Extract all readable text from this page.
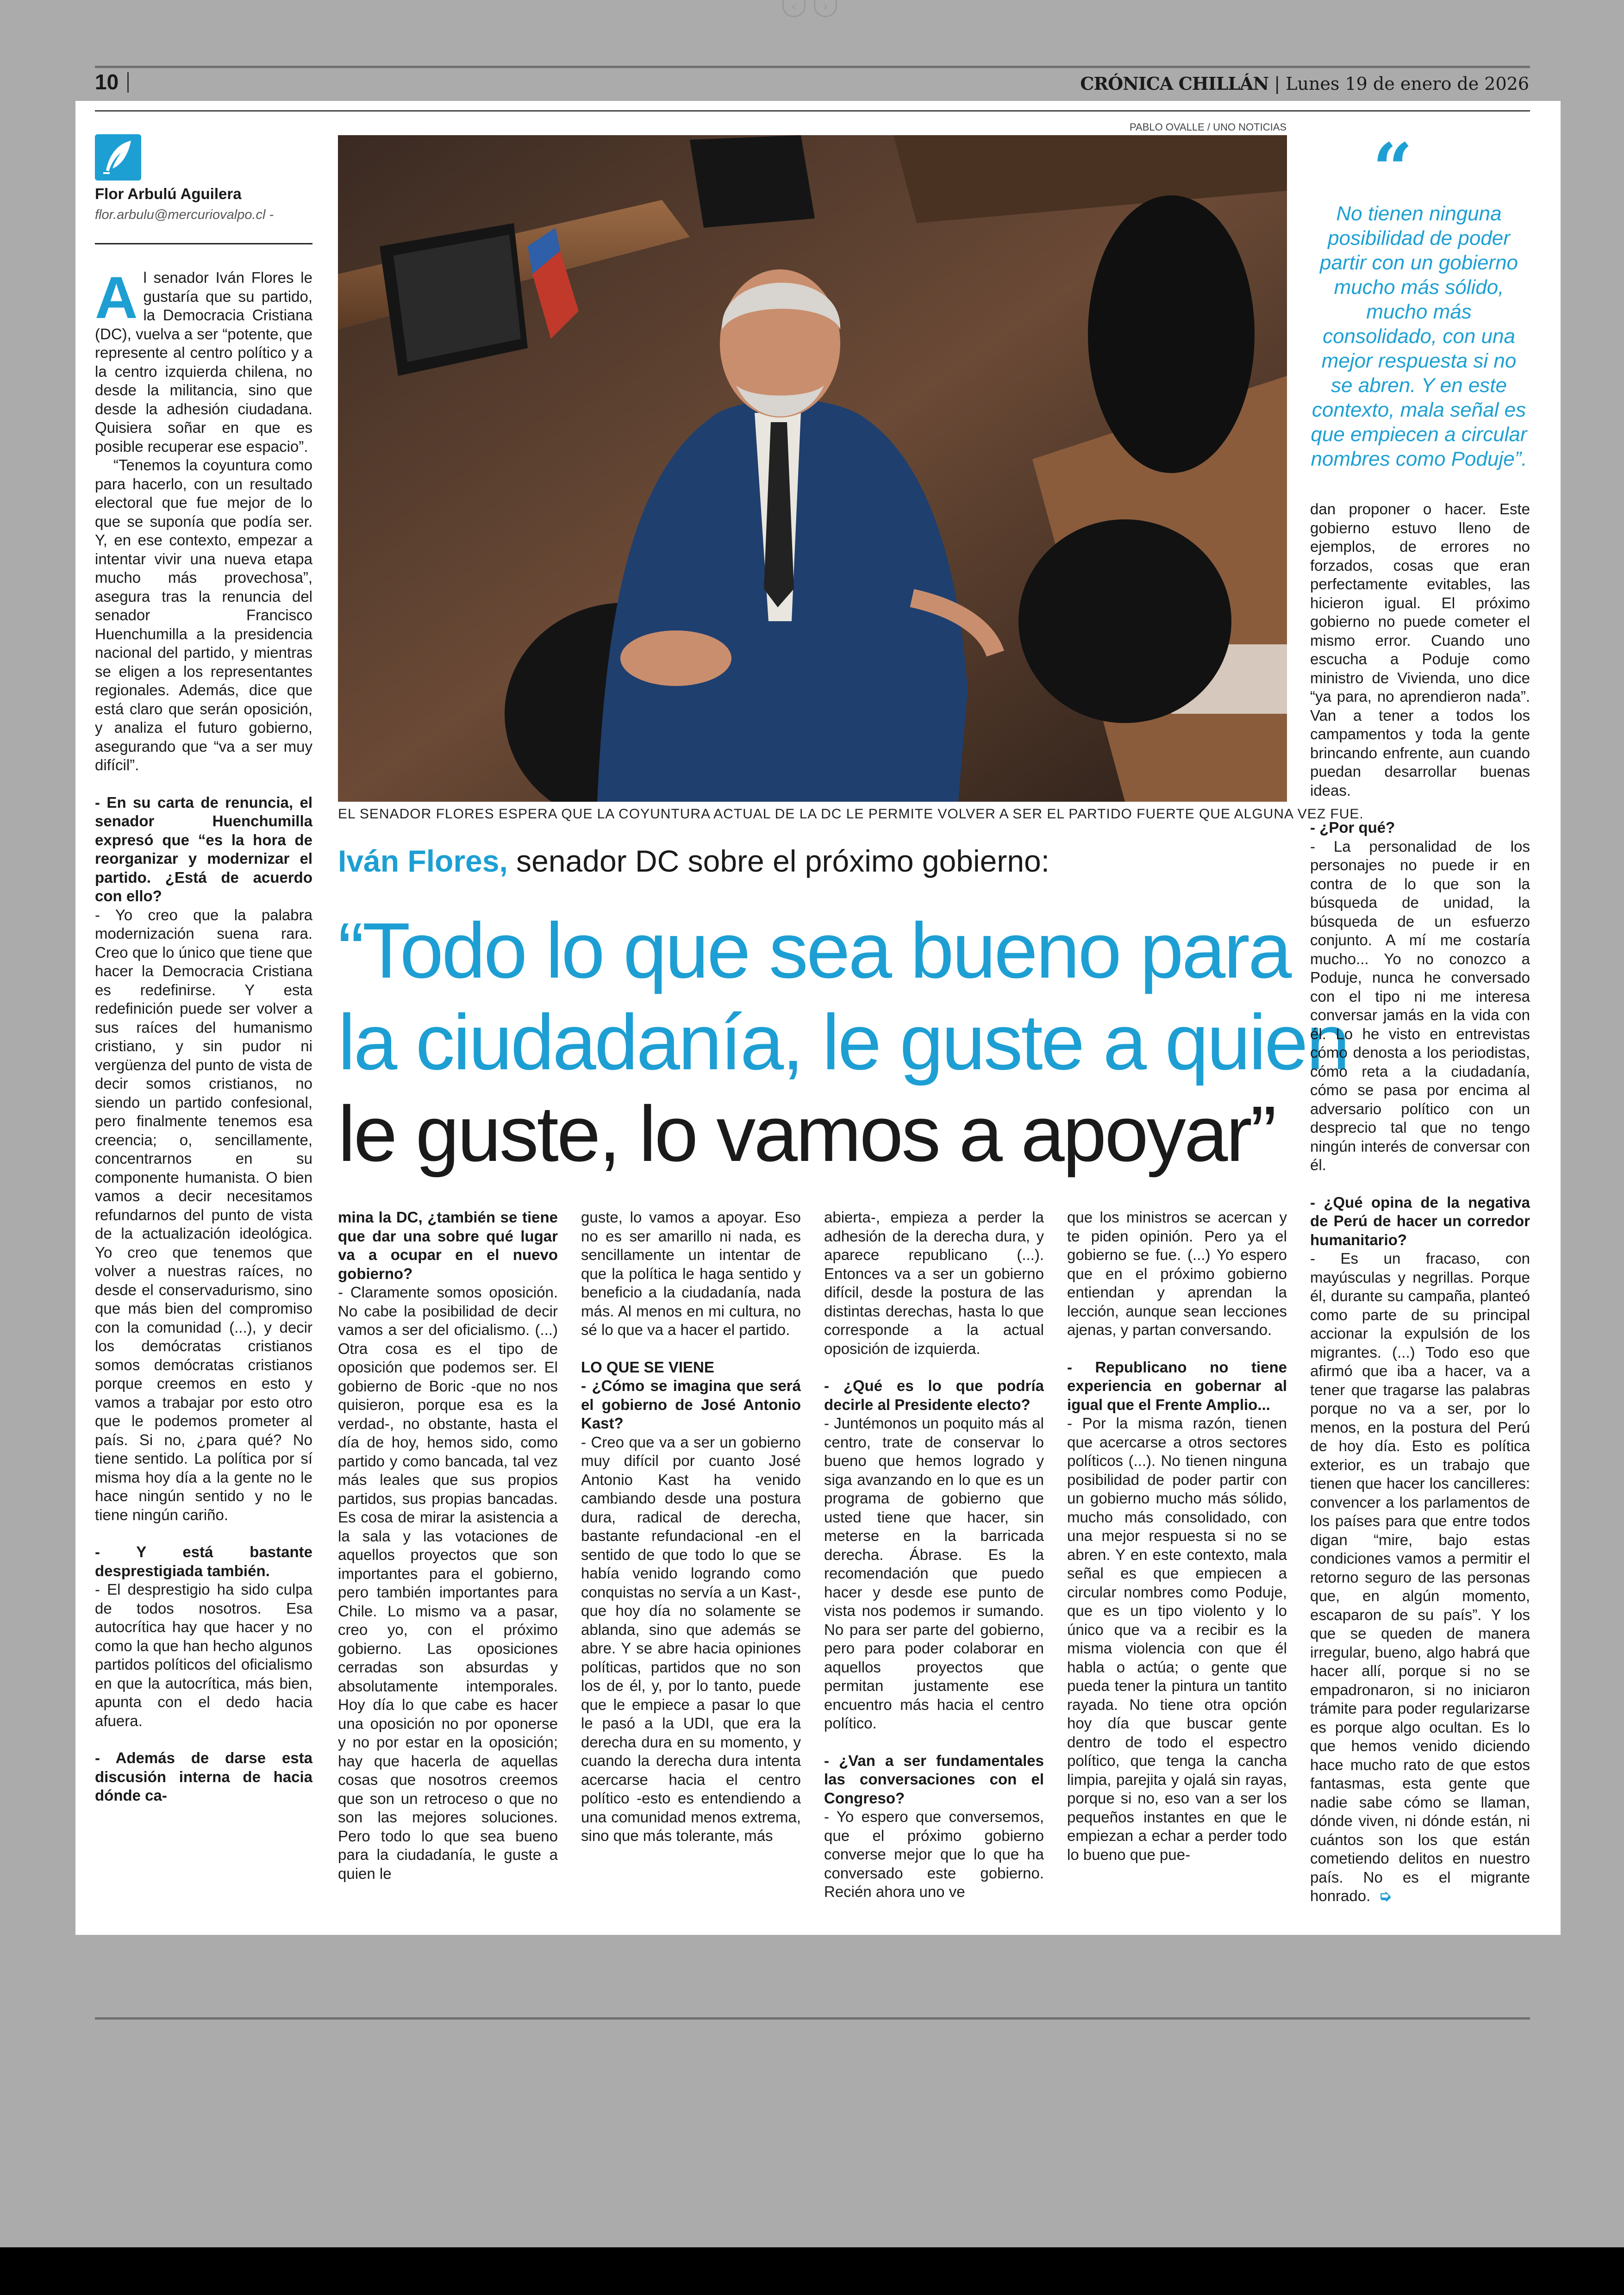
‹	›
10	CRÓNICA CHILLÁN | Lunes 19 de enero de 2026
Flor Arbulú Aguilera
flor.arbulu@mercuriovalpo.cl -

Al senador Iván Flores le gustaría que su partido, la Democracia Cristiana (DC), vuelva a ser “potente, que represente al centro político y a la centro izquierda chilena, no desde la militancia, sino que desde la adhesión ciudadana. Quisiera soñar en que es posible recuperar ese espacio”.

“Tenemos la coyuntura como para hacerlo, con un resultado electoral que fue mejor de lo que se suponía que podía ser. Y, en ese contexto, empezar a intentar vivir una nueva etapa mucho más provechosa”, asegura tras la renuncia del senador Francisco Huenchumilla a la presidencia nacional del partido, y mientras se eligen a los representantes regionales. Además, dice que está claro que serán oposición, y analiza el futuro gobierno, asegurando que “va a ser muy difícil”.

- En su carta de renuncia, el senador Huenchumilla expresó que “es la hora de reorganizar y modernizar el partido. ¿Está de acuerdo con ello?

- Yo creo que la palabra modernización suena rara. Creo que lo único que tiene que hacer la Democracia Cristiana es redefinirse. Y esta redefinición puede ser volver a sus raíces del humanismo cristiano, y sin pudor ni vergüenza del punto de vista de decir somos cristianos, no siendo un partido confesional, pero finalmente tenemos esa creencia; o, sencillamente, concentrarnos en su componente humanista. O bien vamos a decir necesitamos refundarnos del punto de vista de la actualización ideológica. Yo creo que tenemos que volver a nuestras raíces, no desde el conservadurismo, sino que más bien del compromiso con la comunidad (...), y decir los demócratas cristianos somos demócratas cristianos porque creemos en esto y vamos a trabajar por esto otro que le podemos prometer al país. Si no, ¿para qué? No tiene sentido. La política por sí misma hoy día a la gente no le hace ningún sentido y no le tiene ningún cariño.

- Y está bastante desprestigiada también.

- El desprestigio ha sido culpa de todos nosotros. Esa autocrítica hay que hacer y no como la que han hecho algunos partidos políticos del oficialismo en que la autocrítica, más bien, apunta con el dedo hacia afuera.

- Además de darse esta discusión interna de hacia dónde ca-

PABLO OVALLE / UNO NOTICIAS
EL SENADOR FLORES ESPERA QUE LA COYUNTURA ACTUAL DE LA DC LE PERMITE VOLVER A SER EL PARTIDO FUERTE QUE ALGUNA VEZ FUE.
Iván Flores, senador DC sobre el próximo gobierno:
“Todo lo que sea bueno para
la ciudadanía, le guste a quien
le guste, lo vamos a apoyar”

mina la DC, ¿también se tiene que dar una sobre qué lugar va a ocupar en el nuevo gobierno?

- Claramente somos oposición. No cabe la posibilidad de decir vamos a ser del oficialismo. (...) Otra cosa es el tipo de oposición que podemos ser. El gobierno de Boric -que no nos quisieron, porque esa es la verdad-, no obstante, hasta el día de hoy, hemos sido, como partido y como bancada, tal vez más leales que sus propios partidos, sus propias bancadas. Es cosa de mirar la asistencia a la sala y las votaciones de aquellos proyectos que son importantes para el gobierno, pero también importantes para Chile. Lo mismo va a pasar, creo yo, con el próximo gobierno. Las oposiciones cerradas son absurdas y absolutamente intemporales. Hoy día lo que cabe es hacer una oposición no por oponerse y no por estar en la oposición; hay que hacerla de aquellas cosas que nosotros creemos que son un retroceso o que no son las mejores soluciones. Pero todo lo que sea bueno para la ciudadanía, le guste a quien le

guste, lo vamos a apoyar. Eso no es ser amarillo ni nada, es sencillamente un intentar de que la política le haga sentido y beneficio a la ciudadanía, nada más. Al menos en mi cultura, no sé lo que va a hacer el partido.

LO QUE SE VIENE

- ¿Cómo se imagina que será el gobierno de José Antonio Kast?

- Creo que va a ser un gobierno muy difícil por cuanto José Antonio Kast ha venido cambiando desde una postura dura, radical de derecha, bastante refundacional -en el sentido de que todo lo que se había venido logrando como conquistas no servía a un Kast-, que hoy día no solamente se ablanda, sino que además se abre. Y se abre hacia opiniones políticas, partidos que no son los de él, y, por lo tanto, puede que le empiece a pasar lo que le pasó a la UDI, que era la derecha dura en su momento, y cuando la derecha dura intenta acercarse hacia el centro político -esto es entendiendo a una comunidad menos extrema, sino que más tolerante, más

abierta-, empieza a perder la adhesión de la derecha dura, y aparece republicano (...). Entonces va a ser un gobierno difícil, desde la postura de las distintas derechas, hasta lo que corresponde a la actual oposición de izquierda.

- ¿Qué es lo que podría decirle al Presidente electo?

- Juntémonos un poquito más al centro, trate de conservar lo bueno que hemos logrado y siga avanzando en lo que es un programa de gobierno que usted tiene que hacer, sin meterse en la barricada derecha. Ábrase. Es la recomendación que puedo hacer y desde ese punto de vista nos podemos ir sumando. No para ser parte del gobierno, pero para poder colaborar en aquellos proyectos que permitan justamente ese encuentro más hacia el centro político.

- ¿Van a ser fundamentales las conversaciones con el Congreso?

- Yo espero que conversemos, que el próximo gobierno converse mejor que lo que ha conversado este gobierno. Recién ahora uno ve

que los ministros se acercan y te piden opinión. Pero ya el gobierno se fue. (...) Yo espero que en el próximo gobierno entiendan y aprendan la lección, aunque sean lecciones ajenas, y partan conversando.

- Republicano no tiene experiencia en gobernar al igual que el Frente Amplio...

- Por la misma razón, tienen que acercarse a otros sectores políticos (...). No tienen ninguna posibilidad de poder partir con un gobierno mucho más sólido, mucho más consolidado, con una mejor respuesta si no se abren. Y en este contexto, mala señal es que empiecen a circular nombres como Poduje, que es un tipo violento y lo único que va a recibir es la misma violencia con que él habla o actúa; o gente que pueda tener la pintura un tantito rayada. No tiene otra opción hoy día que buscar gente dentro de todo el espectro político, que tenga la cancha limpia, parejita y ojalá sin rayas, porque si no, eso van a ser los pequeños instantes en que le empiezan a echar a perder todo lo bueno que pue-

“
No tienen ninguna posibilidad de poder partir con un gobierno mucho más sólido, mucho más consolidado, con una mejor respuesta si no se abren. Y en este contexto, mala señal es que empiecen a circular nombres como Poduje”.

dan proponer o hacer. Este gobierno estuvo lleno de ejemplos, de errores no forzados, cosas que eran perfectamente evitables, las hicieron igual. El próximo gobierno no puede cometer el mismo error. Cuando uno escucha a Poduje como ministro de Vivienda, uno dice “ya para, no aprendieron nada”. Van a tener a todos los campamentos y toda la gente brincando enfrente, aun cuando puedan desarrollar buenas ideas.

- ¿Por qué?

- La personalidad de los personajes no puede ir en contra de lo que son la búsqueda de unidad, la búsqueda de un esfuerzo conjunto. A mí me costaría mucho... Yo no conozco a Poduje, nunca he conversado con el tipo ni me interesa conversar jamás en la vida con él. Lo he visto en entrevistas cómo denosta a los periodistas, cómo reta a la ciudadanía, cómo se pasa por encima al adversario político con un desprecio tal que no tengo ningún interés de conversar con él.

- ¿Qué opina de la negativa de Perú de hacer un corredor humanitario?

- Es un fracaso, con mayúsculas y negrillas. Porque él, durante su campaña, planteó como parte de su principal accionar la expulsión de los migrantes. (...) Todo eso que afirmó que iba a hacer, va a tener que tragarse las palabras porque no va a ser, por lo menos, en la postura del Perú de hoy día. Esto es política exterior, es un trabajo que tienen que hacer los cancilleres: convencer a los parlamentos de los países para que entre todos digan “mire, bajo estas condiciones vamos a permitir el retorno seguro de las personas que, en algún momento, escaparon de su país”. Y los que se queden de manera irregular, bueno, algo habrá que hacer allí, porque si no se empadronaron, si no iniciaron trámite para poder regularizarse es porque algo ocultan. Es lo que hemos venido diciendo hace mucho rato de que estos fantasmas, esta gente que nadie sabe cómo se llaman, dónde viven, ni dónde están, ni cuántos son los que están cometiendo delitos en nuestro país. No es el migrante honrado. ➭
